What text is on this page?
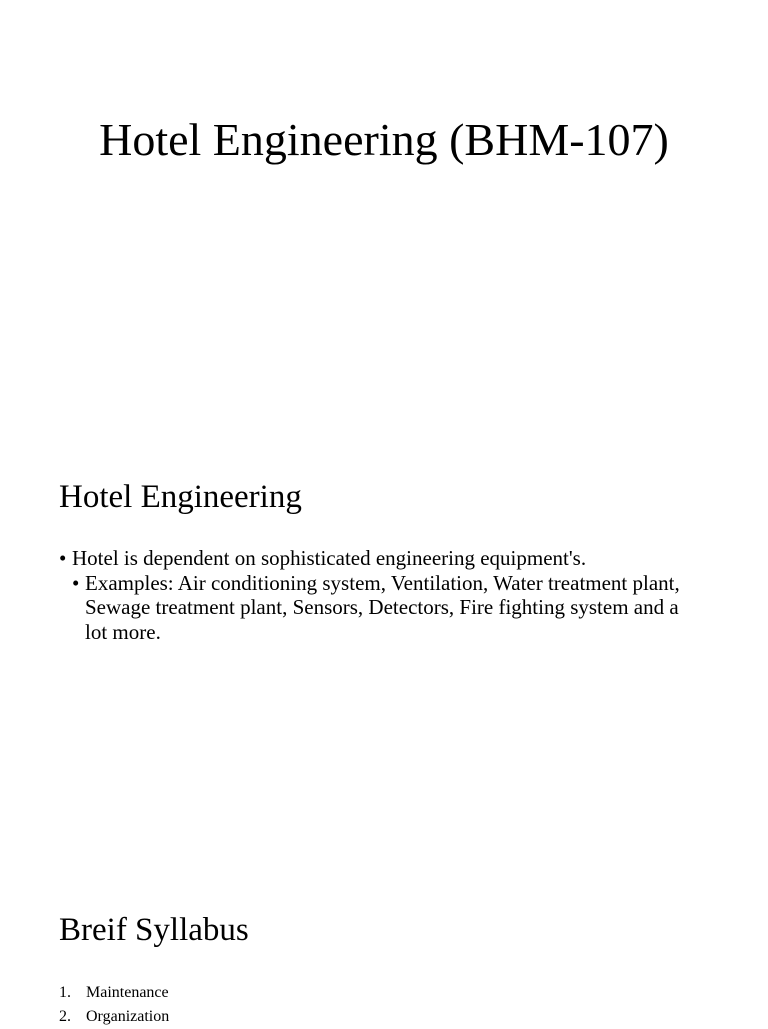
Hotel Engineering (BHM-107)
Hotel Engineering
• Hotel is dependent on sophisticated engineering equipment's.
• Examples: Air conditioning system, Ventilation, Water treatment plant, Sewage treatment plant, Sensors, Detectors, Fire fighting system and a lot more.
Breif Syllabus
1. Maintenance
2. Organization
